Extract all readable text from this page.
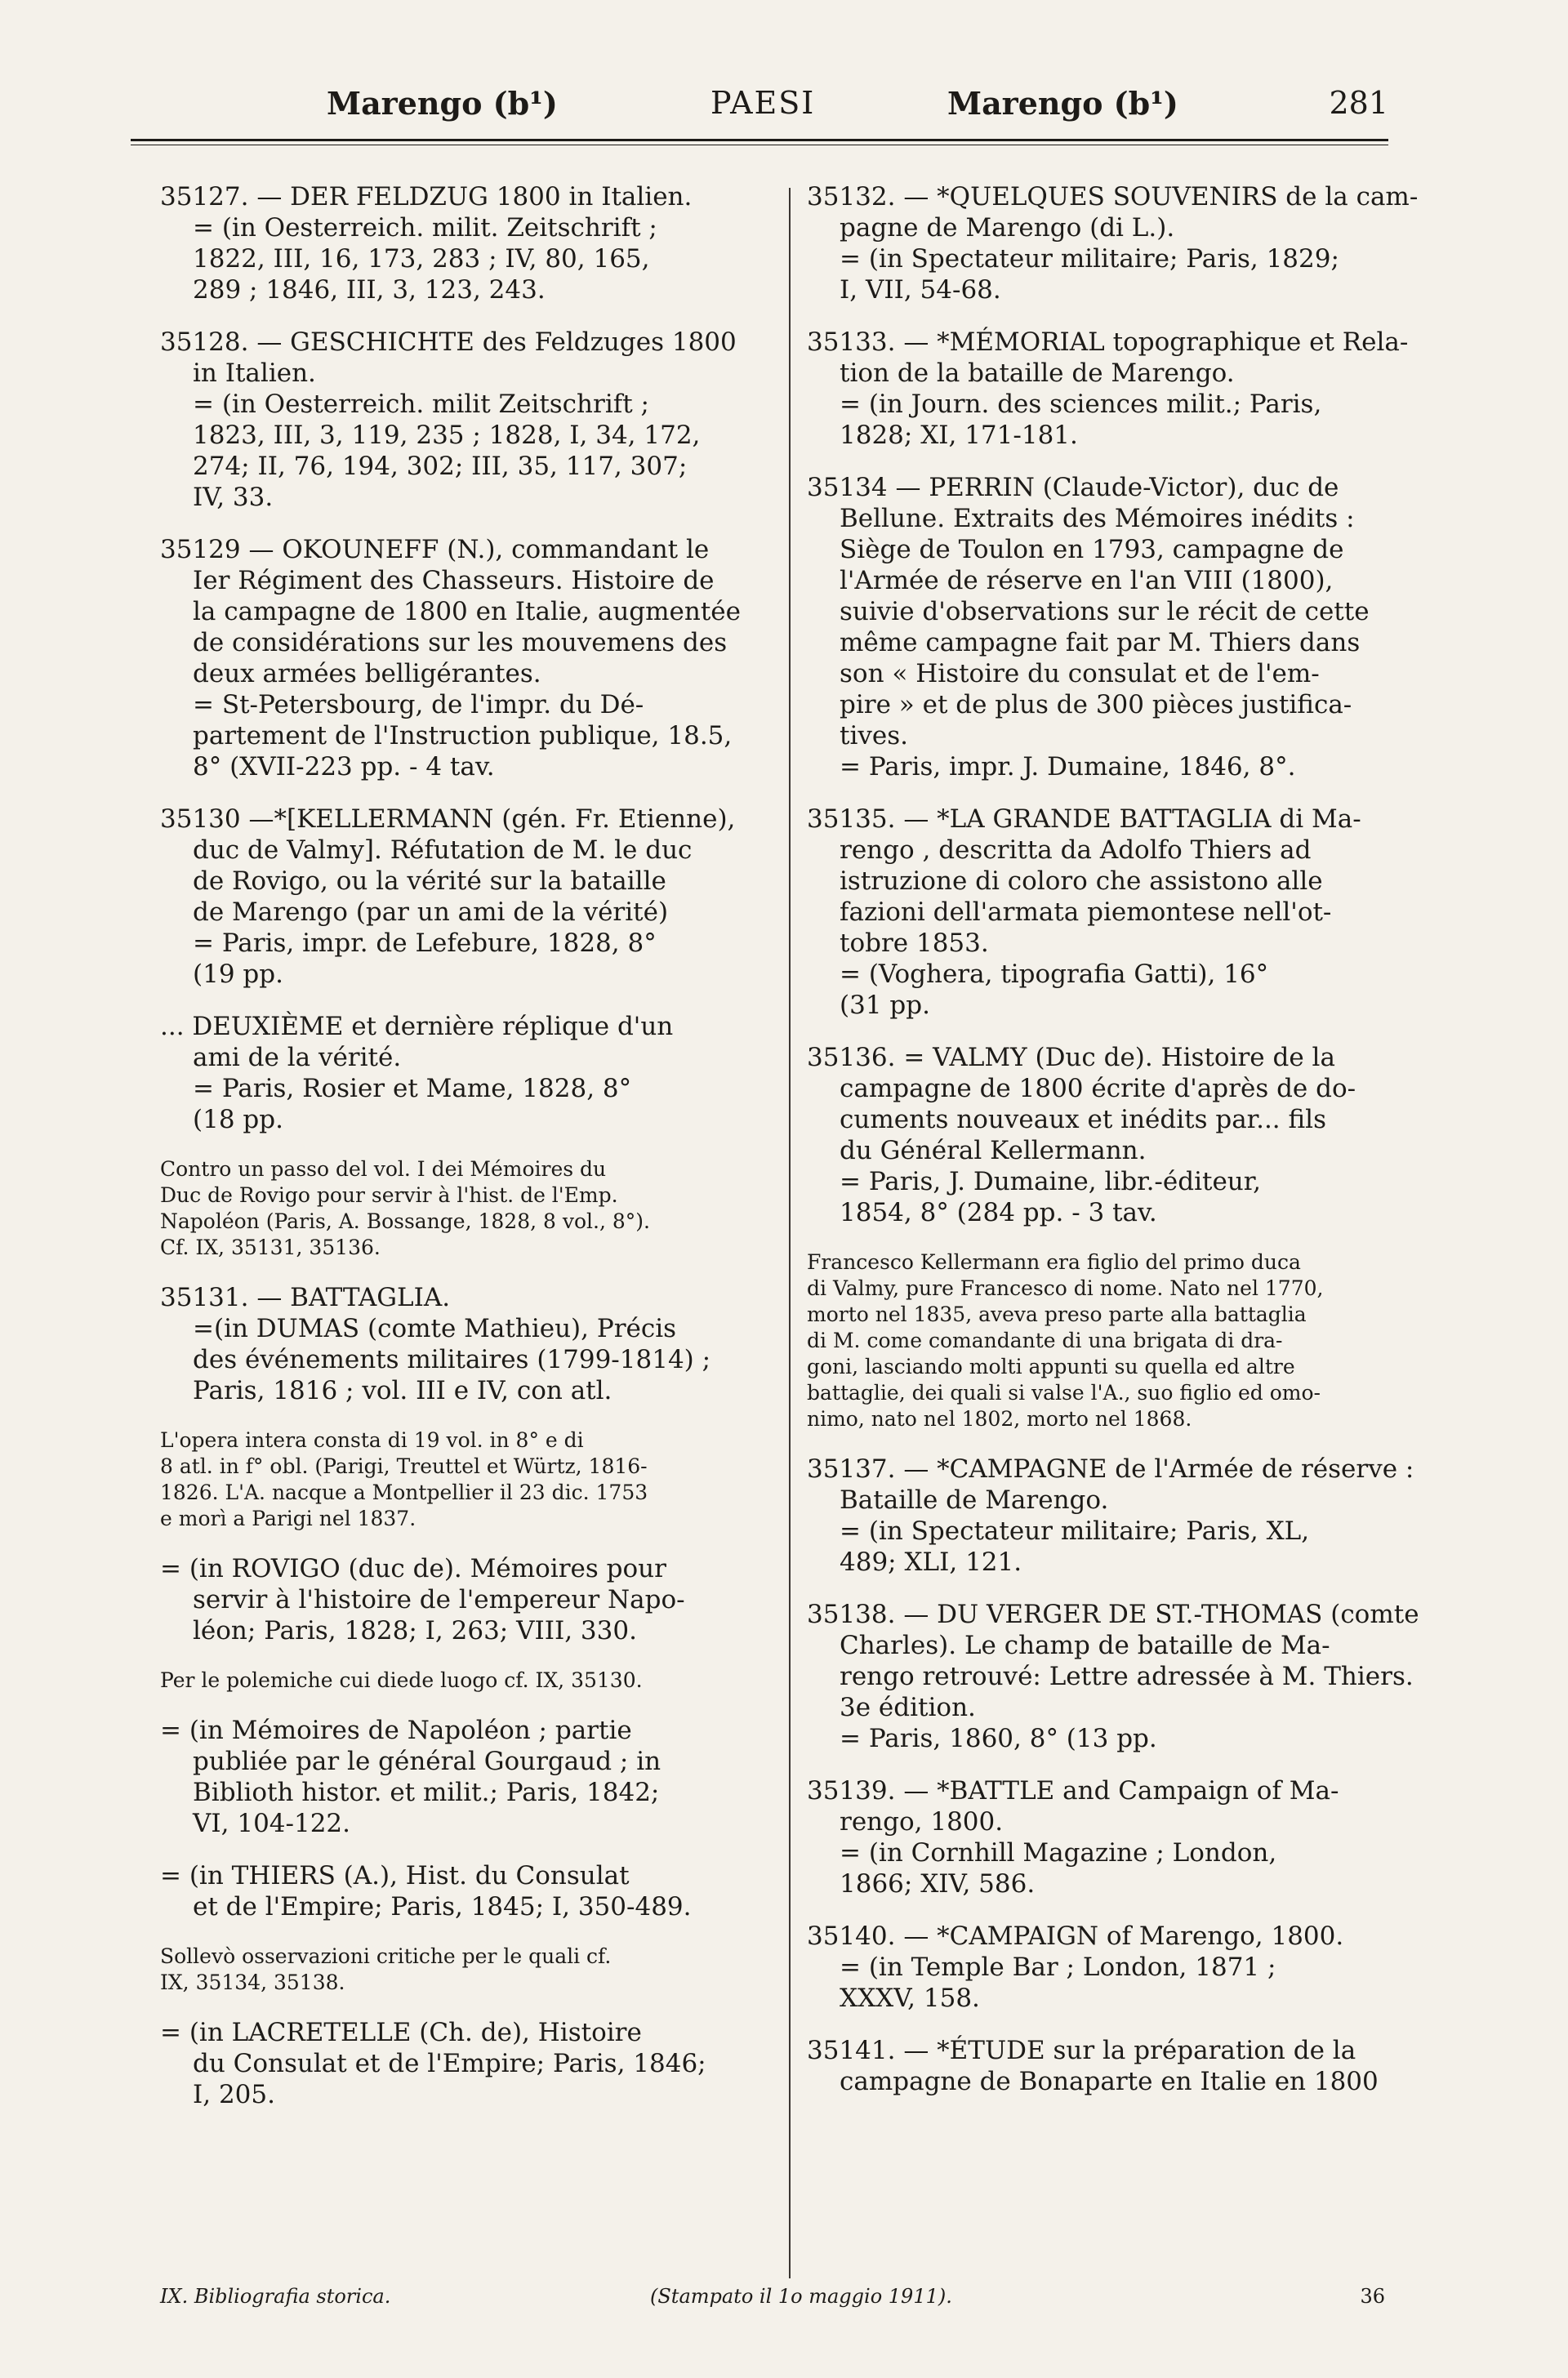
Marengo (b¹)	PAESI	Marengo (b¹)	281
35127. — DER FELDZUG 1800 in Italien.
= (in Oesterreich. milit. Zeitschrift ;
1822, III, 16, 173, 283 ; IV, 80, 165,
289 ; 1846, III, 3, 123, 243.
35128. — GESCHICHTE des Feldzuges 1800
in Italien.
= (in Oesterreich. milit Zeitschrift ;
1823, III, 3, 119, 235 ; 1828, I, 34, 172,
274; II, 76, 194, 302; III, 35, 117, 307;
IV, 33.
35129 — OKOUNEFF (N.), commandant le
Ier Régiment des Chasseurs. Histoire de
la campagne de 1800 en Italie, augmentée
de considérations sur les mouvemens des
deux armées belligérantes.
= St-Petersbourg, de l'impr. du Dé-
partement de l'Instruction publique, 18.5,
8° (XVII-223 pp. - 4 tav.
35130 —*[KELLERMANN (gén. Fr. Etienne),
duc de Valmy]. Réfutation de M. le duc
de Rovigo, ou la vérité sur la bataille
de Marengo (par un ami de la vérité)
= Paris, impr. de Lefebure, 1828, 8°
(19 pp.
... DEUXIÈME et dernière réplique d'un
ami de la vérité.
= Paris, Rosier et Mame, 1828, 8°
(18 pp.
Contro un passo del vol. I dei Mémoires du
Duc de Rovigo pour servir à l'hist. de l'Emp.
Napoléon (Paris, A. Bossange, 1828, 8 vol., 8°).
Cf. IX, 35131, 35136.
35131. — BATTAGLIA.
=(in DUMAS (comte Mathieu), Précis
des événements militaires (1799-1814) ;
Paris, 1816 ; vol. III e IV, con atl.
L'opera intera consta di 19 vol. in 8° e di
8 atl. in f° obl. (Parigi, Treuttel et Würtz, 1816-
1826. L'A. nacque a Montpellier il 23 dic. 1753
e morì a Parigi nel 1837.
= (in ROVIGO (duc de). Mémoires pour
servir à l'histoire de l'empereur Napo-
léon; Paris, 1828; I, 263; VIII, 330.
Per le polemiche cui diede luogo cf. IX, 35130.
= (in Mémoires de Napoléon ; partie
publiée par le général Gourgaud ; in
Biblioth histor. et milit.; Paris, 1842;
VI, 104-122.
= (in THIERS (A.), Hist. du Consulat
et de l'Empire; Paris, 1845; I, 350-489.
Sollevò osservazioni critiche per le quali cf.
IX, 35134, 35138.
= (in LACRETELLE (Ch. de), Histoire
du Consulat et de l'Empire; Paris, 1846;
I, 205.
35132. — *QUELQUES SOUVENIRS de la cam-
pagne de Marengo (di L.).
= (in Spectateur militaire; Paris, 1829;
I, VII, 54-68.
35133. — *MÉMORIAL topographique et Rela-
tion de la bataille de Marengo.
= (in Journ. des sciences milit.; Paris,
1828; XI, 171-181.
35134 — PERRIN (Claude-Victor), duc de
Bellune. Extraits des Mémoires inédits :
Siège de Toulon en 1793, campagne de
l'Armée de réserve en l'an VIII (1800),
suivie d'observations sur le récit de cette
même campagne fait par M. Thiers dans
son « Histoire du consulat et de l'em-
pire » et de plus de 300 pièces justifica-
tives.
= Paris, impr. J. Dumaine, 1846, 8°.
35135. — *LA GRANDE BATTAGLIA di Ma-
rengo , descritta da Adolfo Thiers ad
istruzione di coloro che assistono alle
fazioni dell'armata piemontese nell'ot-
tobre 1853.
= (Voghera, tipografia Gatti), 16°
(31 pp.
35136. = VALMY (Duc de). Histoire de la
campagne de 1800 écrite d'après de do-
cuments nouveaux et inédits par... fils
du Général Kellermann.
= Paris, J. Dumaine, libr.-éditeur,
1854, 8° (284 pp. - 3 tav.
Francesco Kellermann era figlio del primo duca
di Valmy, pure Francesco di nome. Nato nel 1770,
morto nel 1835, aveva preso parte alla battaglia
di M. come comandante di una brigata di dra-
goni, lasciando molti appunti su quella ed altre
battaglie, dei quali si valse l'A., suo figlio ed omo-
nimo, nato nel 1802, morto nel 1868.
35137. — *CAMPAGNE de l'Armée de réserve :
Bataille de Marengo.
= (in Spectateur militaire; Paris, XL,
489; XLI, 121.
35138. — DU VERGER DE ST.-THOMAS (comte
Charles). Le champ de bataille de Ma-
rengo retrouvé: Lettre adressée à M. Thiers.
3e édition.
= Paris, 1860, 8° (13 pp.
35139. — *BATTLE and Campaign of Ma-
rengo, 1800.
= (in Cornhill Magazine ; London,
1866; XIV, 586.
35140. — *CAMPAIGN of Marengo, 1800.
= (in Temple Bar ; London, 1871 ;
XXXV, 158.
35141. — *ÉTUDE sur la préparation de la
campagne de Bonaparte en Italie en 1800
IX. Bibliografia storica.	(Stampato il 1o maggio 1911).	36
